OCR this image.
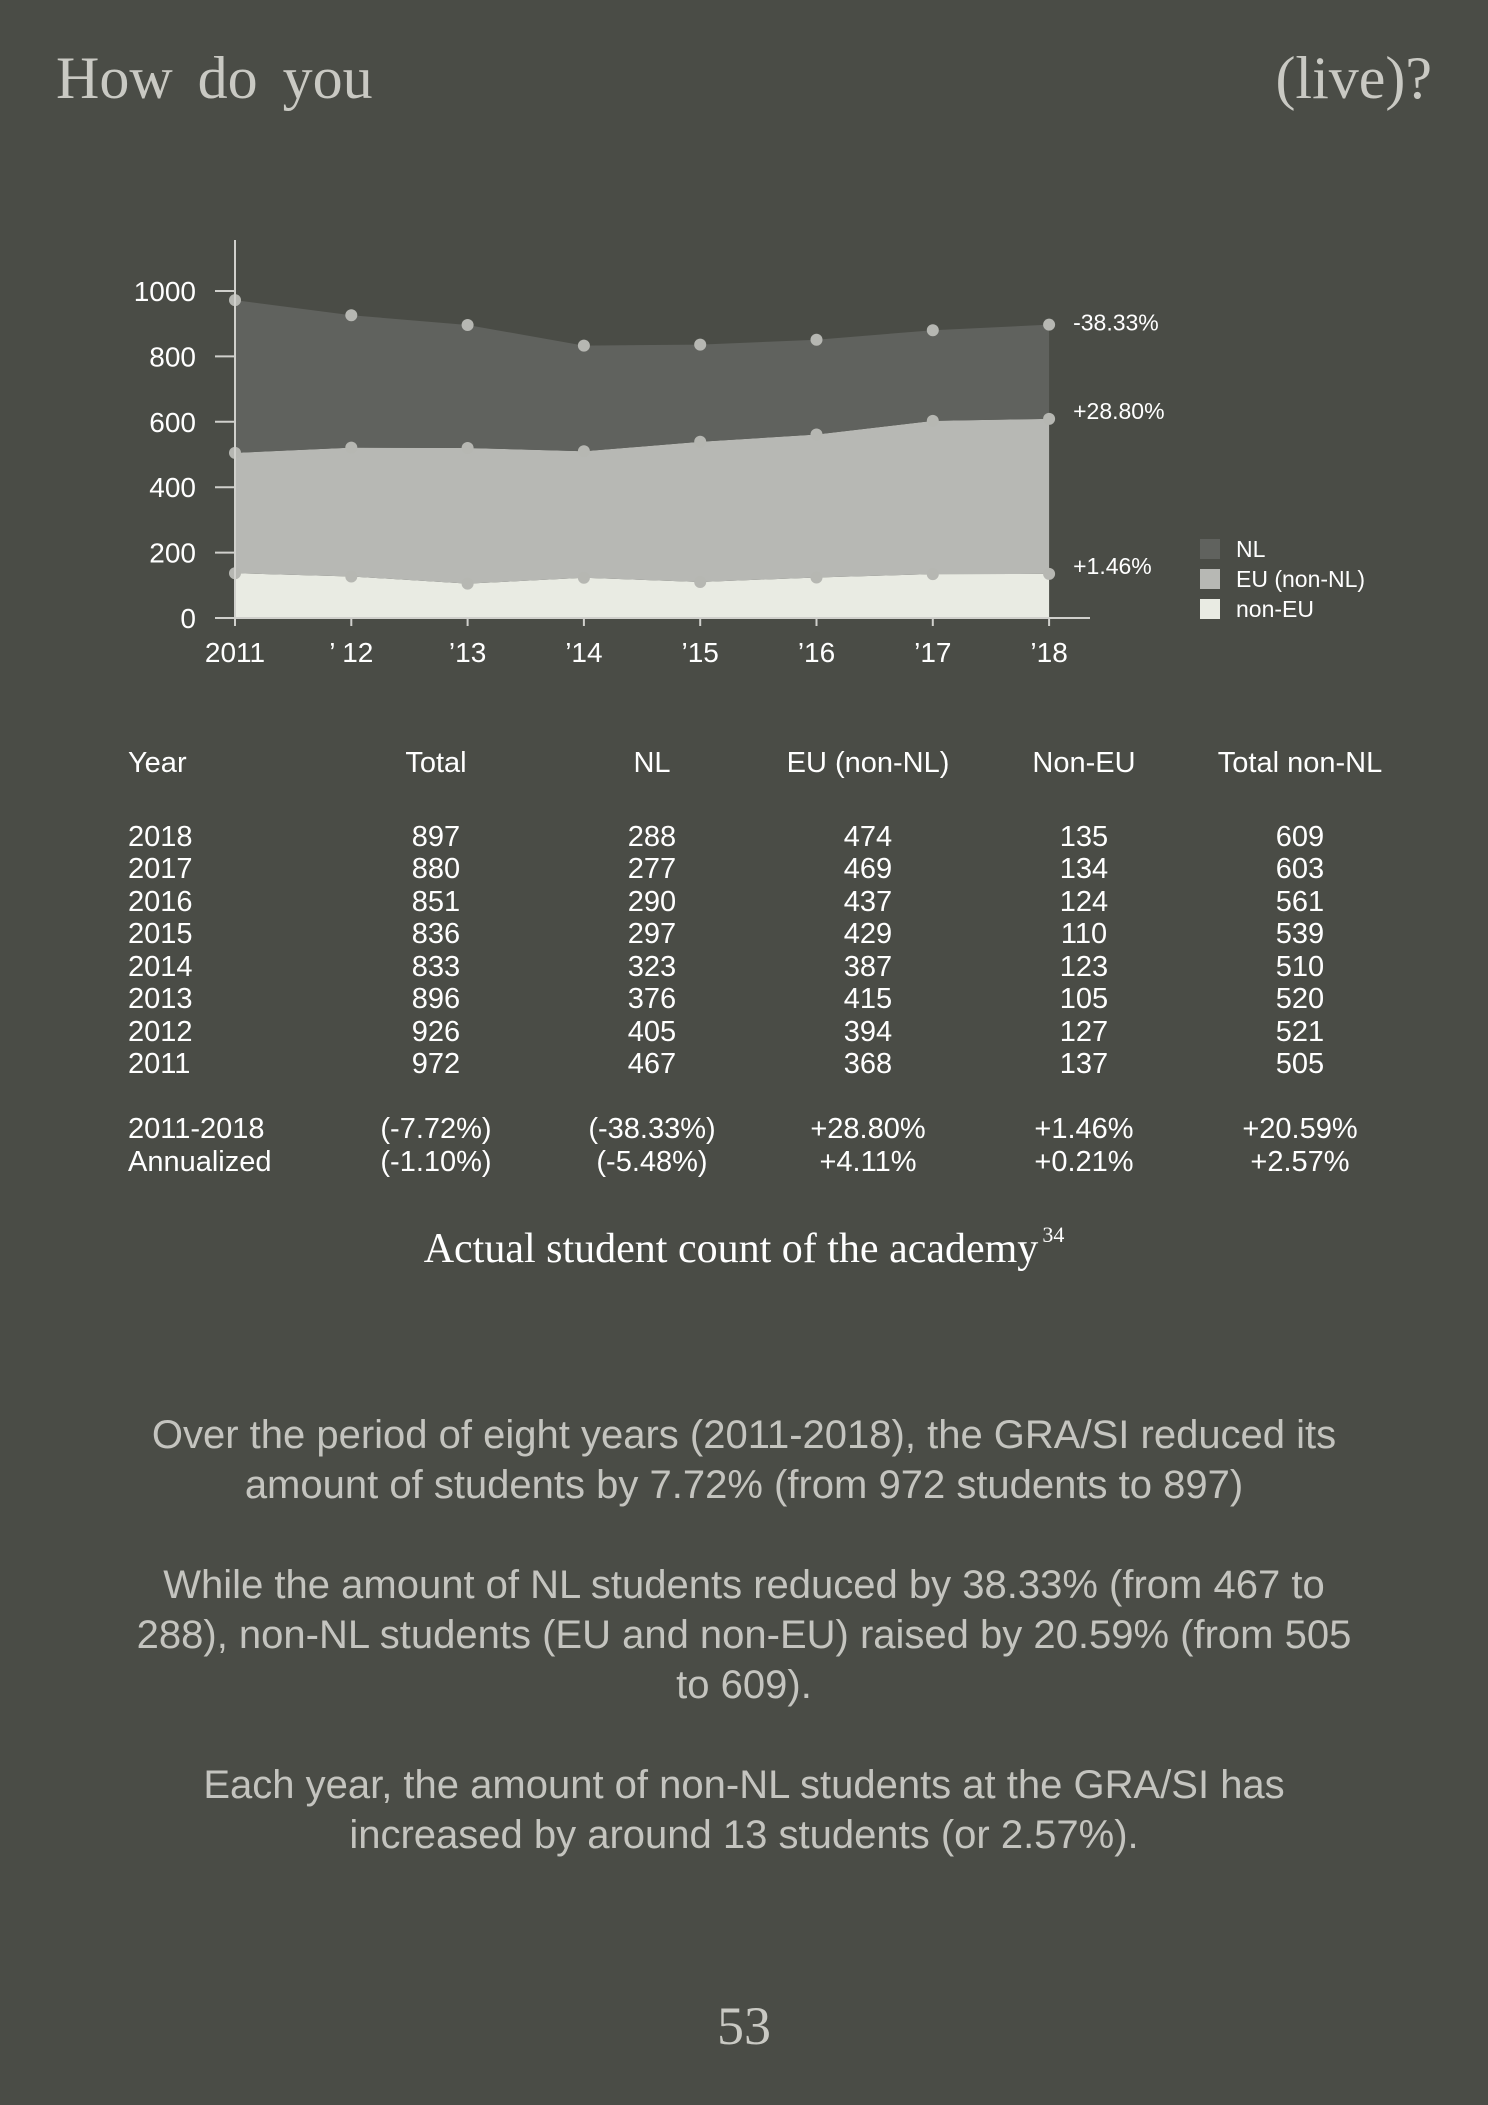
How do you	(live)?
0
200
400
600
800
1000
2011 ’ 12	’13	’14	’15	’16	’17	’18
+1.46%
+28.80%
-38.33%
NL
EU (non-NL)
non-EU
Year	Total	NL	EU (non-NL)	Non-EU	Total non-NL

2018	897	288	474	135	609
2017	880	277	469	134	603
2016	851	290	437	124	561
2015	836	297	429	110	539
2014	833	323	387	123	510
2013	896	376	415	105	520
2012	926	405	394	127	521
2011	972	467	368	137	505

2011-2018	(-7.72%)	(-38.33%)	+28.80%	+1.46%	+20.59%
Annualized	(-1.10%)	(-5.48%)	+4.11%	+0.21%	+2.57%
Actual student count of the academy $^{34}$

Over the period of eight years (2011-2018), the GRA/SI reduced its amount of students by 7.72% (from 972 students to 897)

While the amount of NL students reduced by 38.33% (from 467 to 288), non-NL students (EU and non-EU) raised by 20.59% (from 505 to 609).

Each year, the amount of non-NL students at the GRA/SI has increased by around 13 students (or 2.57%).

53
